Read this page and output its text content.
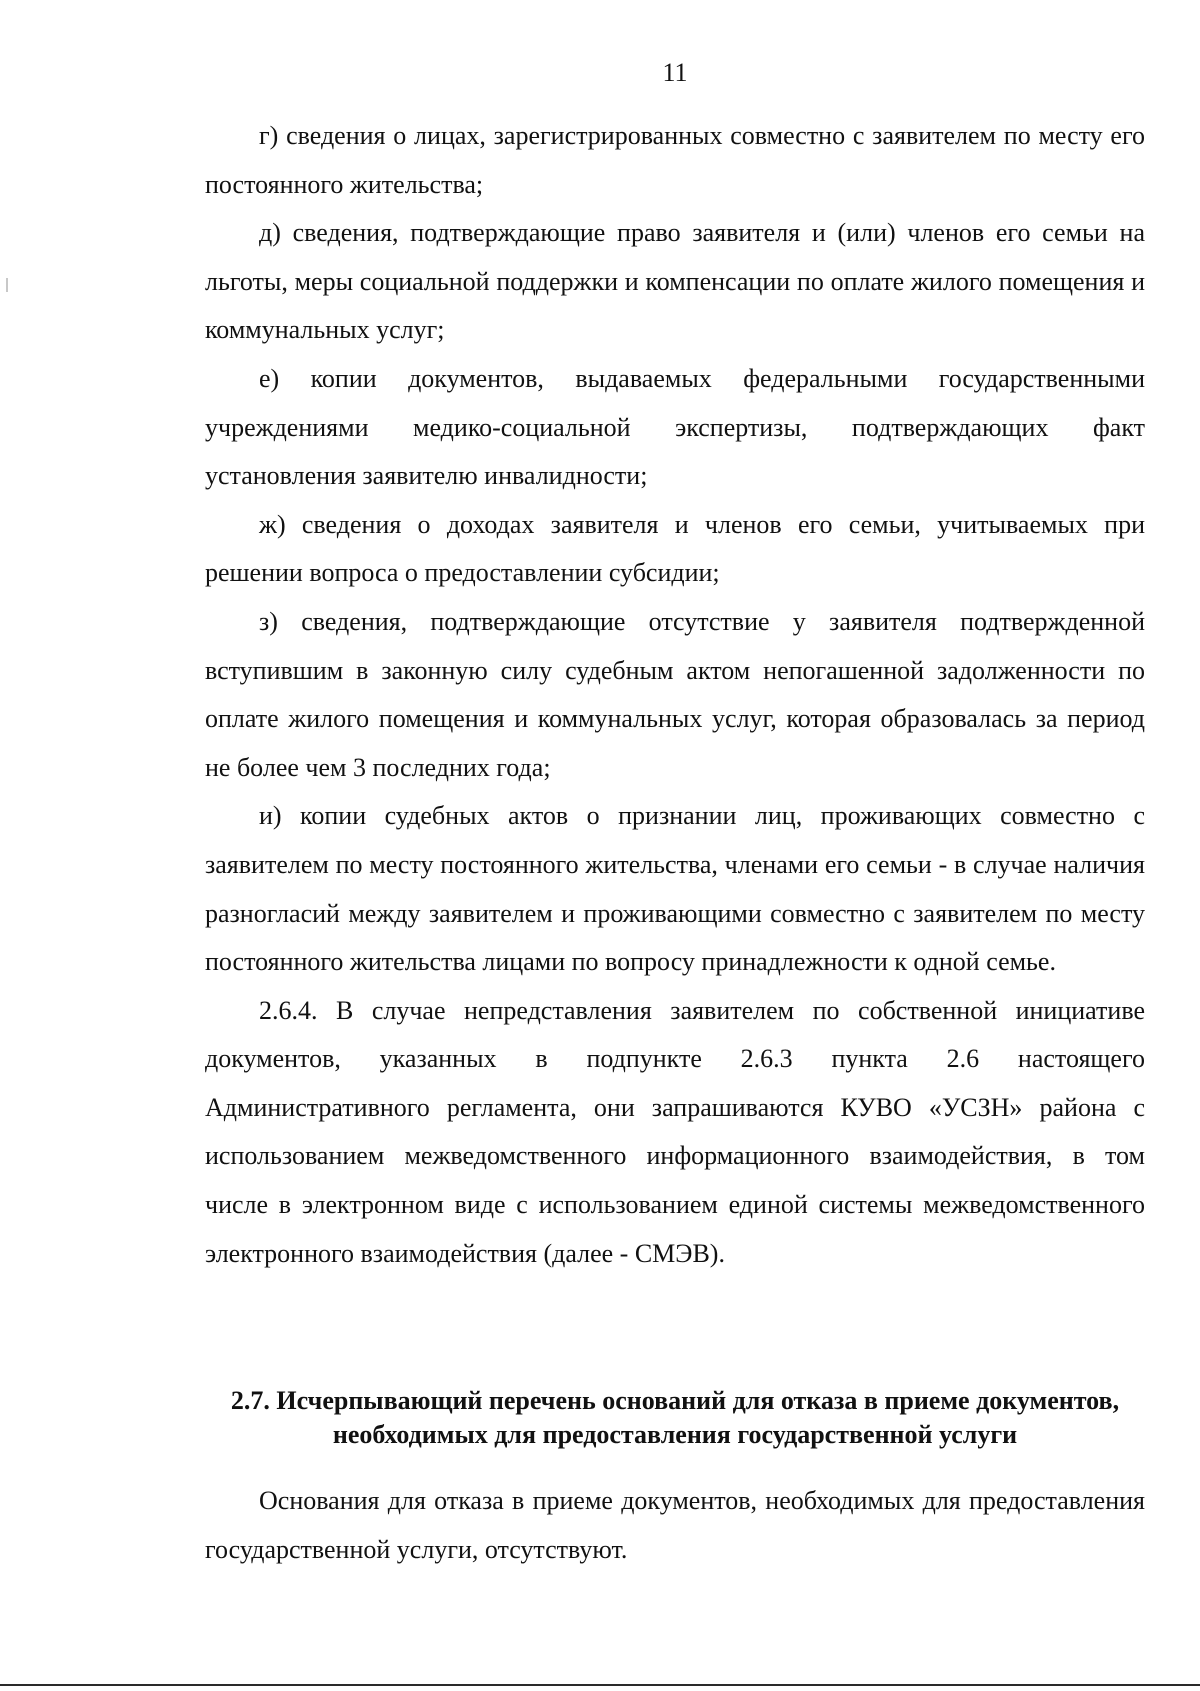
11

г) сведения о лицах, зарегистрированных совместно с заявителем по месту его постоянного жительства;

д) сведения, подтверждающие право заявителя и (или) членов его семьи на льготы, меры социальной поддержки и компенсации по оплате жилого помещения и коммунальных услуг;

е) копии документов, выдаваемых федеральными государственными учреждениями медико-социальной экспертизы, подтверждающих факт установления заявителю инвалидности;

ж) сведения о доходах заявителя и членов его семьи, учитываемых при решении вопроса о предоставлении субсидии;

з) сведения, подтверждающие отсутствие у заявителя подтвержденной вступившим в законную силу судебным актом непогашенной задолженности по оплате жилого помещения и коммунальных услуг, которая образовалась за период не более чем 3 последних года;

и) копии судебных актов о признании лиц, проживающих совместно с заявителем по месту постоянного жительства, членами его семьи - в случае наличия разногласий между заявителем и проживающими совместно с заявителем по месту постоянного жительства лицами по вопросу принадлежности к одной семье.

2.6.4. В случае непредставления заявителем по собственной инициативе документов, указанных в подпункте 2.6.3 пункта 2.6 настоящего Административного регламента, они запрашиваются КУВО «УСЗН» района с использованием межведомственного информационного взаимодействия, в том числе в электронном виде с использованием единой системы межведомственного электронного взаимодействия (далее - СМЭВ).

2.7. Исчерпывающий перечень оснований для отказа в приеме документов, необходимых для предоставления государственной услуги

Основания для отказа в приеме документов, необходимых для предоставления государственной услуги, отсутствуют.
